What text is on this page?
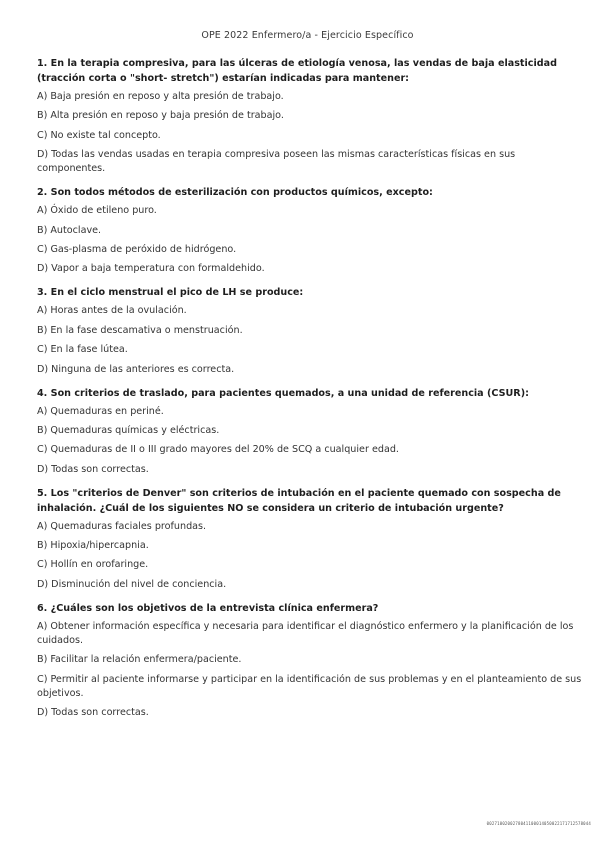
OPE 2022 Enfermero/a - Ejercicio Específico
1. En la terapia compresiva, para las úlceras de etiología venosa, las vendas de baja elasticidad (tracción corta o "short- stretch") estarían indicadas para mantener:
A) Baja presión en reposo y alta presión de trabajo.
B) Alta presión en reposo y baja presión de trabajo.
C) No existe tal concepto.
D) Todas las vendas usadas en terapia compresiva poseen las mismas características físicas en sus componentes.
2. Son todos métodos de esterilización con productos químicos, excepto:
A) Óxido de etileno puro.
B) Autoclave.
C) Gas-plasma de peróxido de hidrógeno.
D) Vapor a baja temperatura con formaldehido.
3. En el ciclo menstrual el pico de LH se produce:
A) Horas antes de la ovulación.
B) En la fase descamativa o menstruación.
C) En la fase lútea.
D) Ninguna de las anteriores es correcta.
4. Son criterios de traslado, para pacientes quemados, a una unidad de referencia (CSUR):
A) Quemaduras en periné.
B) Quemaduras químicas y eléctricas.
C) Quemaduras de II o III grado mayores del 20% de SCQ a cualquier edad.
D) Todas son correctas.
5. Los "criterios de Denver" son criterios de intubación en el paciente quemado con sospecha de inhalación. ¿Cuál de los siguientes NO se considera un criterio de intubación urgente?
A) Quemaduras faciales profundas.
B) Hipoxia/hipercapnia.
C) Hollín en orofaringe.
D) Disminución del nivel de conciencia.
6. ¿Cuáles son los objetivos de la entrevista clínica enfermera?
A) Obtener información específica y necesaria para identificar el diagnóstico enfermero y la planificación de los cuidados.
B) Facilitar la relación enfermera/paciente.
C) Permitir al paciente informarse y participar en la identificación de sus problemas y en el planteamiento de sus objetivos.
D) Todas son correctas.
0027100200278041100014050022171712578044
